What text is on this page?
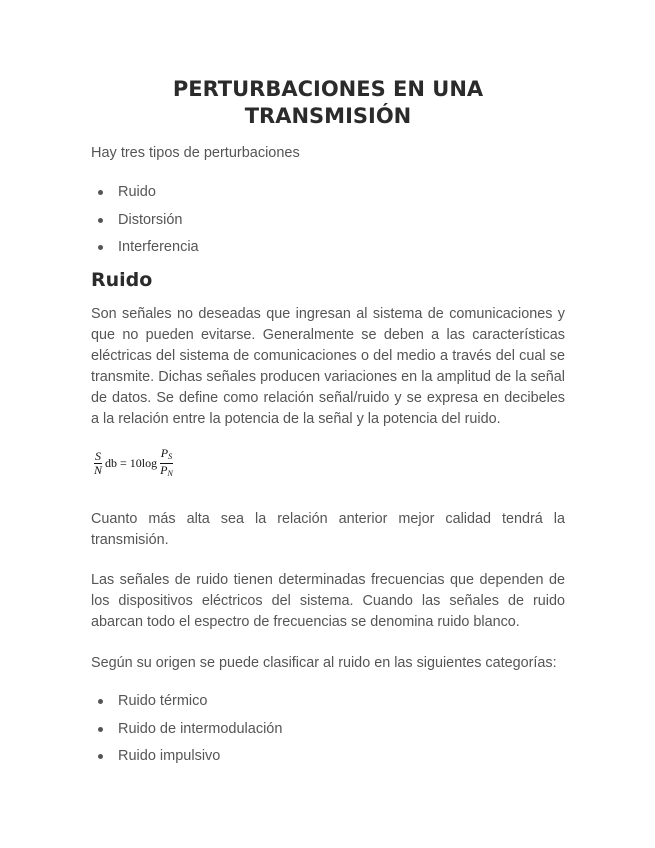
PERTURBACIONES EN UNA TRANSMISIÓN

Hay tres tipos de perturbaciones

Ruido
Distorsión
Interferencia
Ruido

Son señales no deseadas que ingresan al sistema de comunicaciones y que no pueden evitarse. Generalmente se deben a las características eléctricas del sistema de comunicaciones o del medio a través del cual se transmite. Dichas señales producen variaciones en la amplitud de la señal de datos. Se define como relación señal/ruido y se expresa en decibeles a la relación entre la potencia de la señal y la potencia del ruido.

$\frac{S}{N}$ db = $10\log \frac{P_S}{P_N}$

Cuanto más alta sea la relación anterior mejor calidad tendrá la transmisión.

Las señales de ruido tienen determinadas frecuencias que dependen de los dispositivos eléctricos del sistema. Cuando las señales de ruido abarcan todo el espectro de frecuencias se denomina ruido blanco.

Según su origen se puede clasificar al ruido en las siguientes categorías:

Ruido térmico
Ruido de intermodulación
Ruido impulsivo
